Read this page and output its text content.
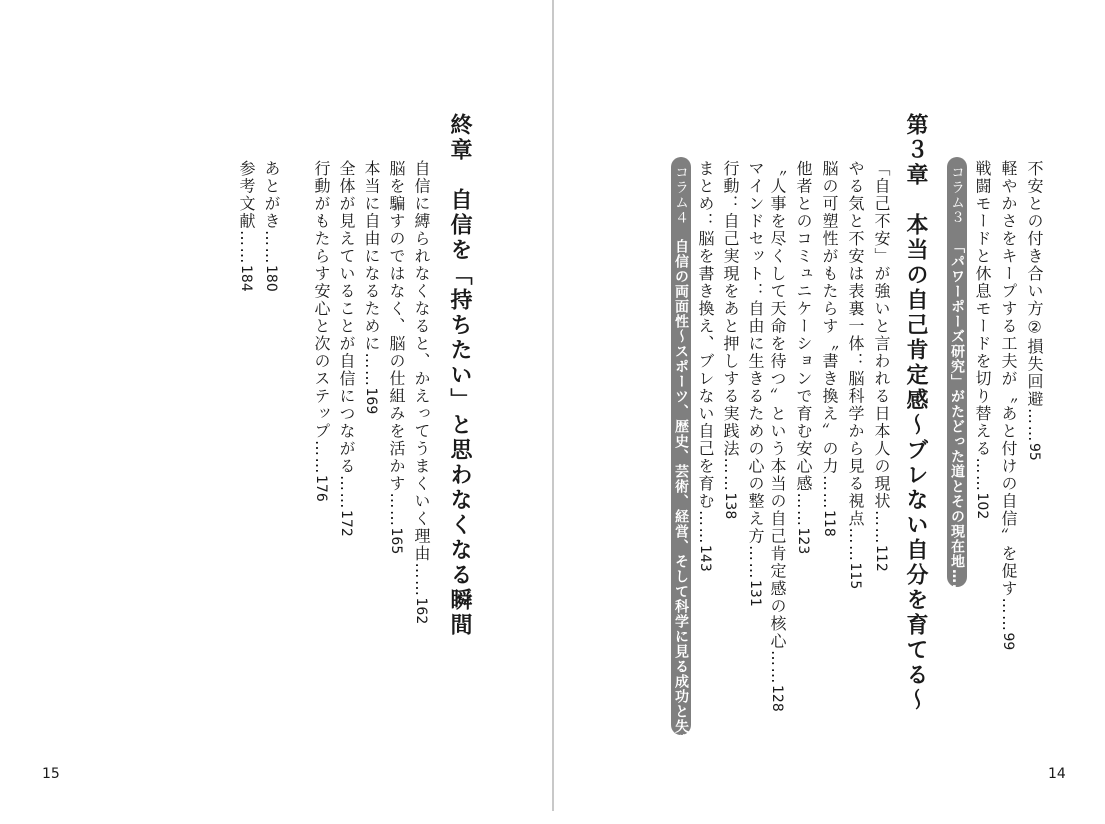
不安との付き合い方②損失回避……95
軽やかさをキープする工夫が〝あと付けの自信〟を促す……99
戦闘モードと休息モードを切り替える……102
コラム３「パワーポーズ研究」がたどった道とその現在地……106
第３章　本当の自己肯定感～ブレない自分を育てる～
「自己不安」が強いと言われる日本人の現状……112
やる気と不安は表裏一体：脳科学から見る視点……115
脳の可塑性がもたらす〝書き換え〟の力……118
他者とのコミュニケーションで育む安心感……123
〝人事を尽くして天命を待つ〟という本当の自己肯定感の核心……128
マインドセット：自由に生きるための心の整え方……131
行動：自己実現をあと押しする実践法……138
まとめ：脳を書き換え、ブレない自己を育む……143
コラム４自信の両面性～スポーツ、歴史、芸術、経営、そして科学に見る成功と失敗～……146
終章　自信を「持ちたい」と思わなくなる瞬間
自信に縛られなくなると、かえってうまくいく理由……162
脳を騙すのではなく、脳の仕組みを活かす……165
本当に自由になるために……169
全体が見えていることが自信につながる……172
行動がもたらす安心と次のステップ……176
あとがき……180
参考文献……184
15	14
